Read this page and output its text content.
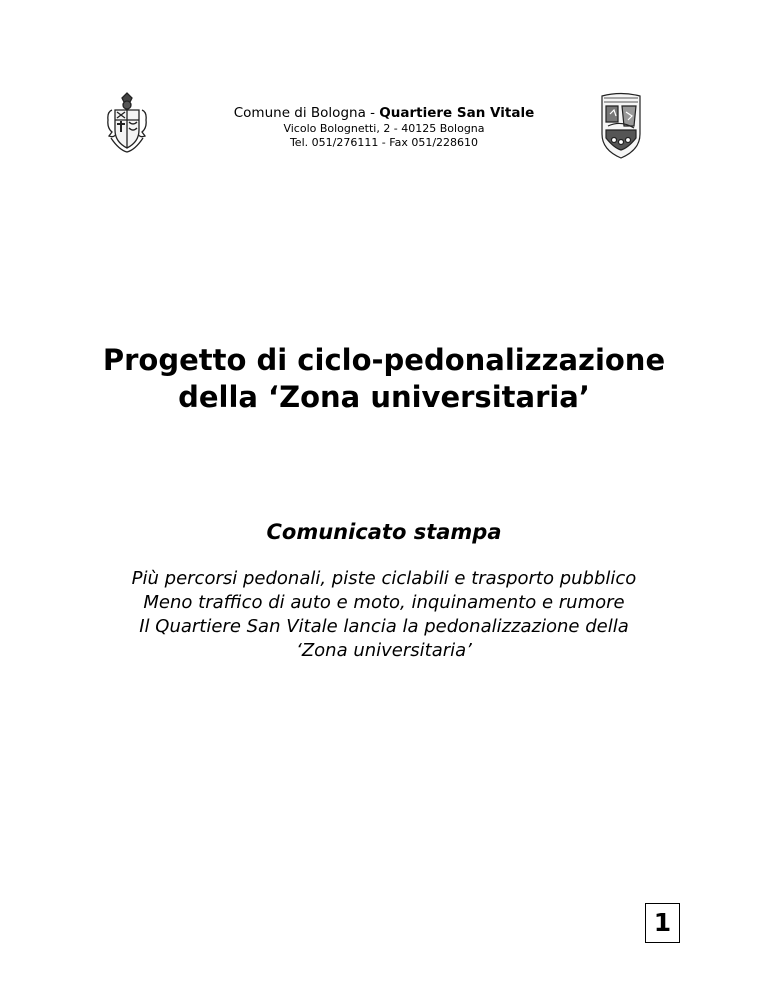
Comune di Bologna - Quartiere San Vitale
Vicolo Bolognetti, 2 - 40125 Bologna
Tel. 051/276111 - Fax 051/228610
Progetto di ciclo-pedonalizzazione
della ‘Zona universitaria’
Comunicato stampa
Più percorsi pedonali, piste ciclabili e trasporto pubblico
Meno traffico di auto e moto, inquinamento e rumore
Il Quartiere San Vitale lancia la pedonalizzazione della
‘Zona universitaria’
1
